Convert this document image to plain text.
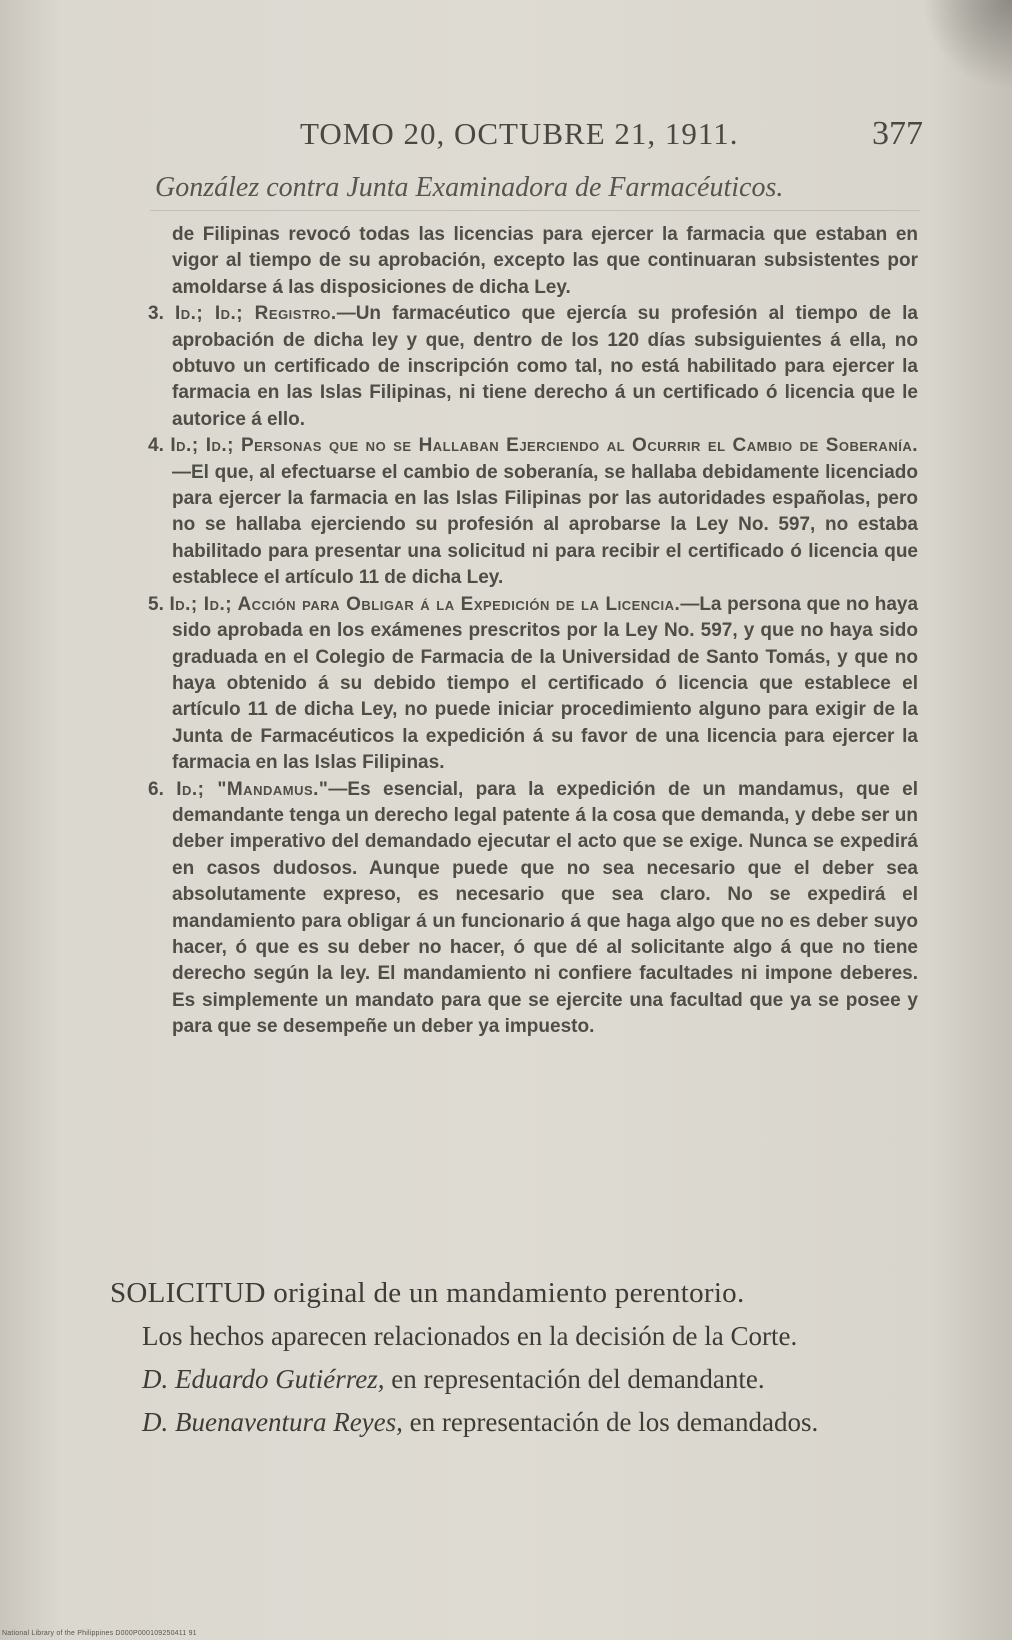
TOMO 20, OCTUBRE 21, 1911.	377
González contra Junta Examinadora de Farmacéuticos.

de Filipinas revocó todas las licencias para ejercer la farmacia que estaban en vigor al tiempo de su aprobación, excepto las que continuaran subsistentes por amoldarse á las disposiciones de dicha Ley.

3. Id.; Id.; Registro.—Un farmacéutico que ejercía su profesión al tiempo de la aprobación de dicha ley y que, dentro de los 120 días subsiguientes á ella, no obtuvo un certificado de inscripción como tal, no está habilitado para ejercer la farmacia en las Islas Filipinas, ni tiene derecho á un certificado ó licencia que le autorice á ello.

4. Id.; Id.; Personas que no se Hallaban Ejerciendo al Ocurrir el Cambio de Soberanía.—El que, al efectuarse el cambio de soberanía, se hallaba debidamente licenciado para ejercer la farmacia en las Islas Filipinas por las autoridades españolas, pero no se hallaba ejerciendo su profesión al aprobarse la Ley No. 597, no estaba habilitado para presentar una solicitud ni para recibir el certificado ó licencia que establece el artículo 11 de dicha Ley.

5. Id.; Id.; Acción para Obligar á la Expedición de la Licencia.—La persona que no haya sido aprobada en los exámenes prescritos por la Ley No. 597, y que no haya sido graduada en el Colegio de Farmacia de la Universidad de Santo Tomás, y que no haya obtenido á su debido tiempo el certificado ó licencia que establece el artículo 11 de dicha Ley, no puede iniciar procedimiento alguno para exigir de la Junta de Farmacéuticos la expedición á su favor de una licencia para ejercer la farmacia en las Islas Filipinas.

6. Id.; "Mandamus."—Es esencial, para la expedición de un mandamus, que el demandante tenga un derecho legal patente á la cosa que demanda, y debe ser un deber imperativo del demandado ejecutar el acto que se exige. Nunca se expedirá en casos dudosos. Aunque puede que no sea necesario que el deber sea absolutamente expreso, es necesario que sea claro. No se expedirá el mandamiento para obligar á un funcionario á que haga algo que no es deber suyo hacer, ó que es su deber no hacer, ó que dé al solicitante algo á que no tiene derecho según la ley. El mandamiento ni confiere facultades ni impone deberes. Es simplemente un mandato para que se ejercite una facultad que ya se posee y para que se desempeñe un deber ya impuesto.

SOLICITUD original de un mandamiento perentorio.

Los hechos aparecen relacionados en la decisión de la Corte.

D. Eduardo Gutiérrez, en representación del demandante.

D. Buenaventura Reyes, en representación de los demandados.

National Library of the Philippines D000P000109250411 91
